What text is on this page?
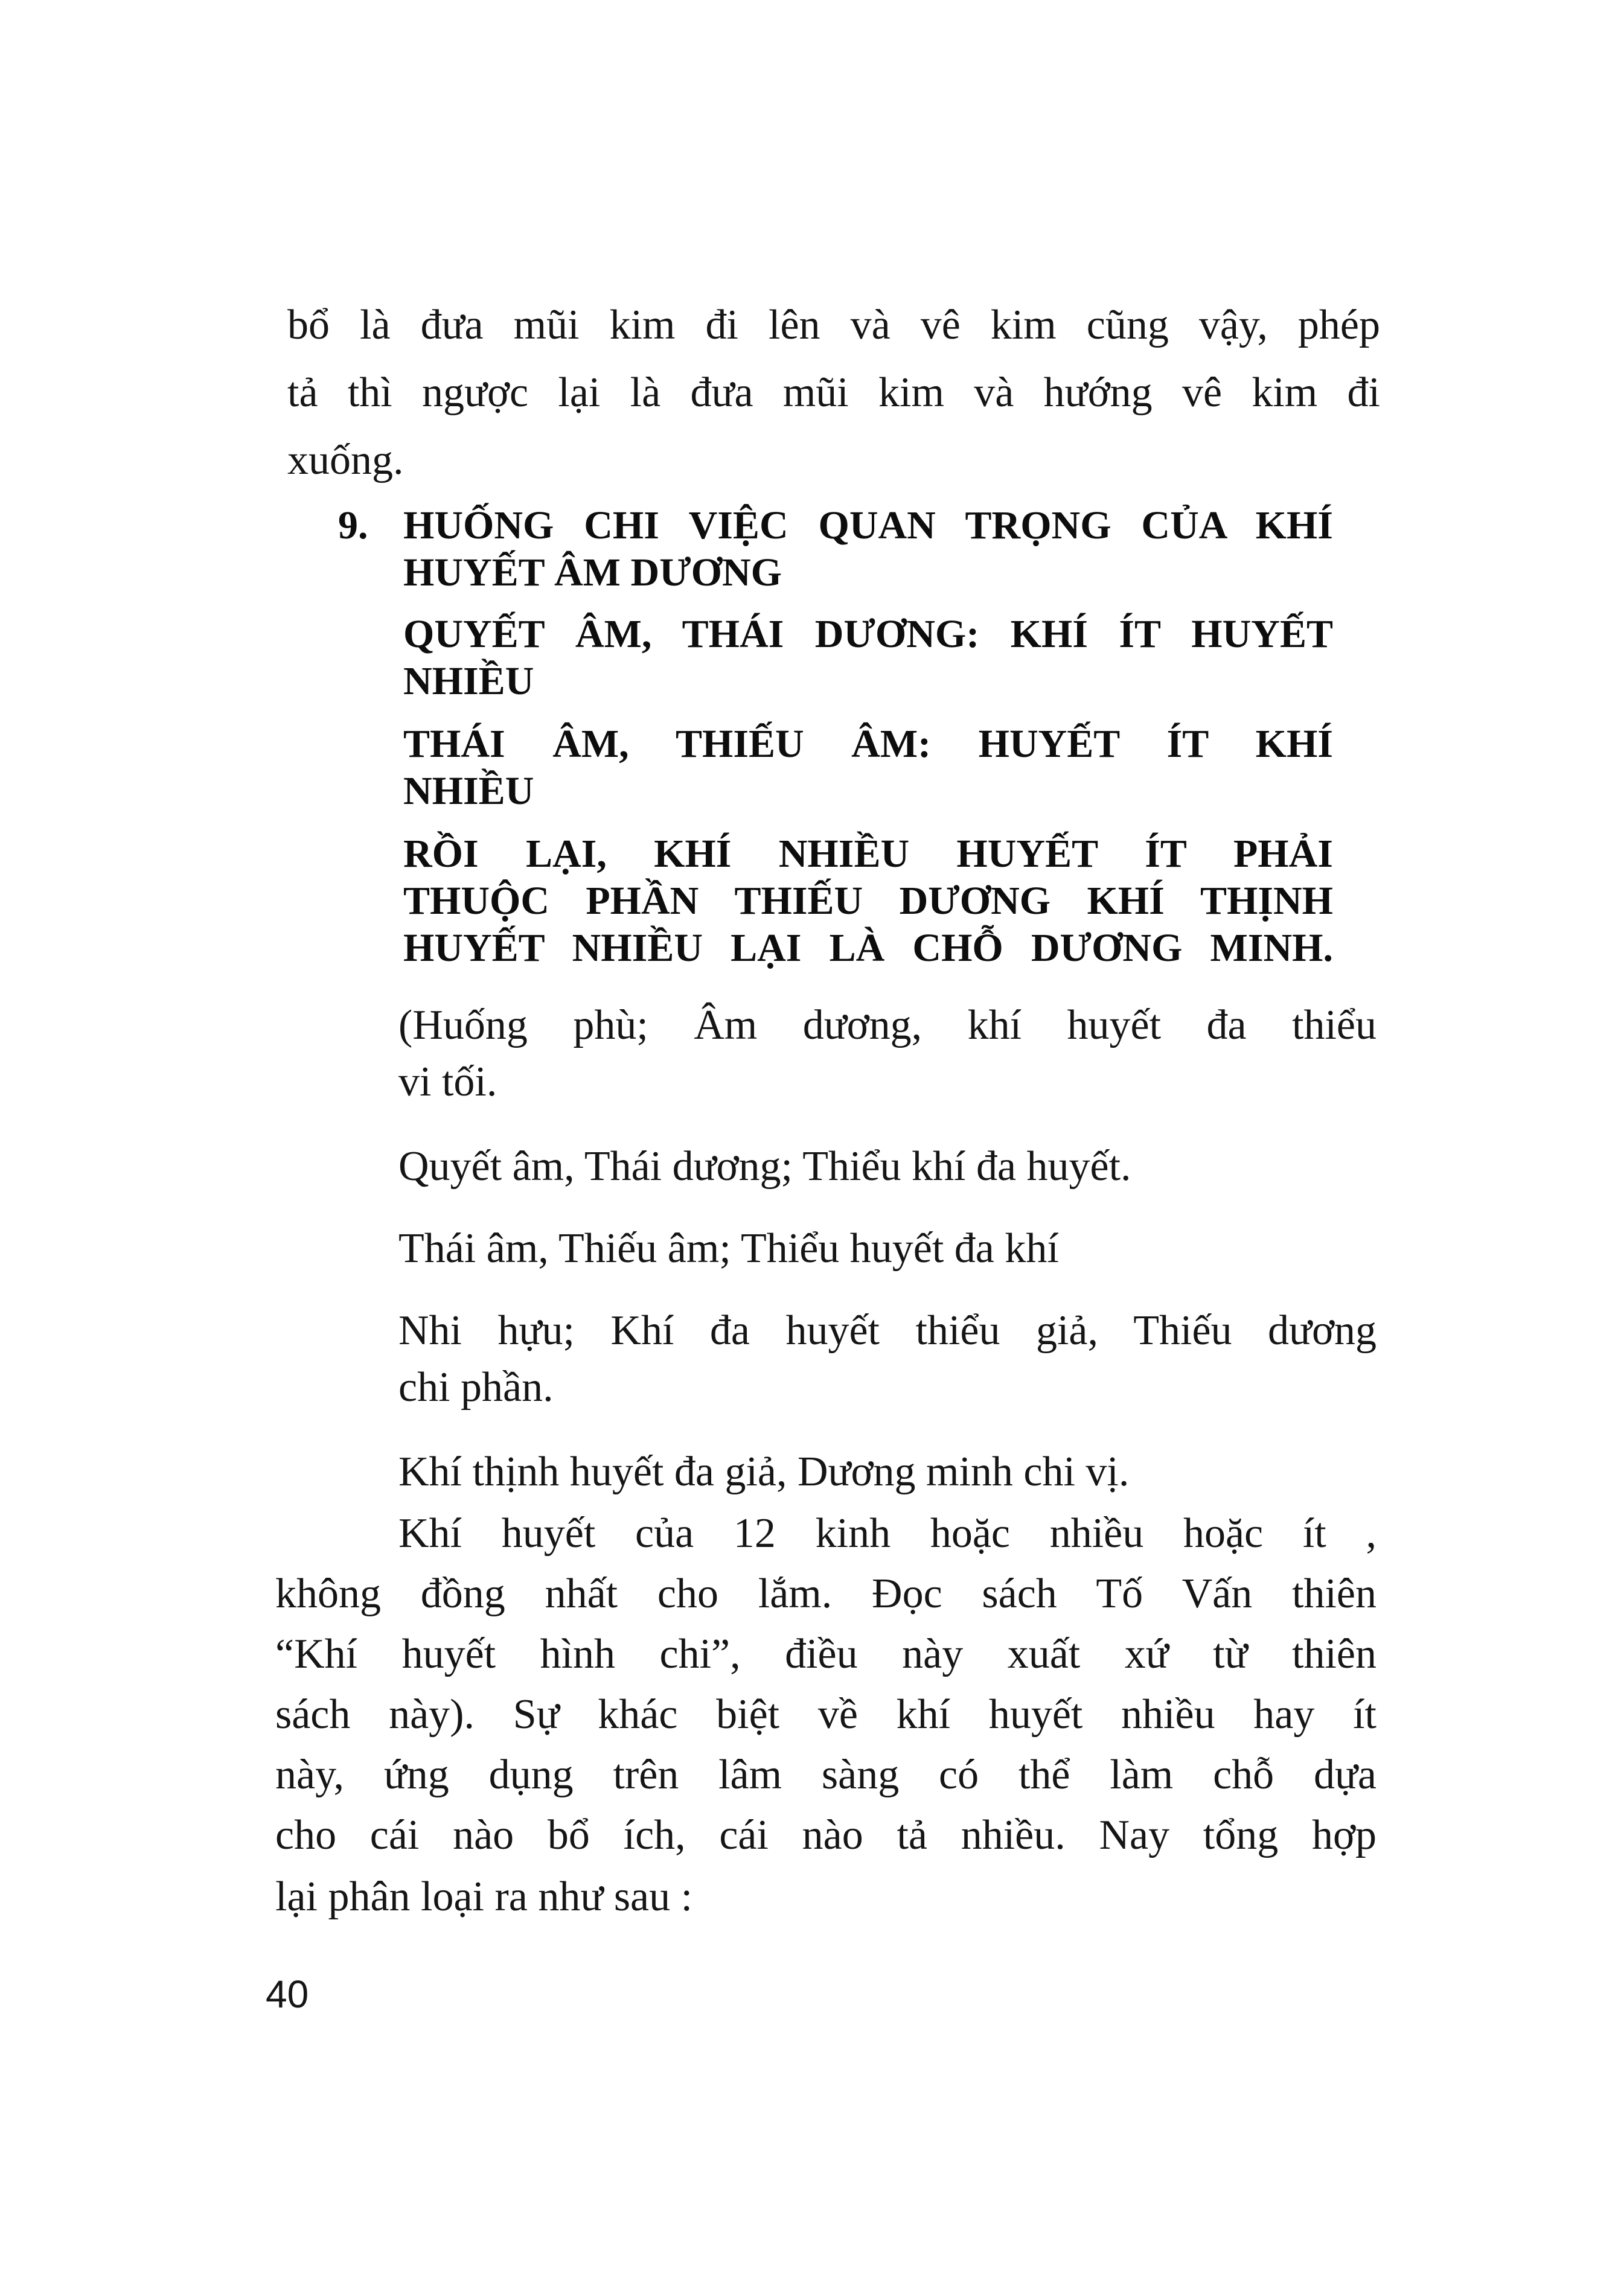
bổ là đưa mũi kim đi lên và vê kim cũng vậy, phép

tả thì ngược lại là đưa mũi kim và hướng vê kim đi

xuống.

9. HUỐNG CHI VIỆC QUAN TRỌNG CỦA KHÍ

HUYẾT ÂM DƯƠNG

QUYẾT ÂM, THÁI DƯƠNG: KHÍ ÍT HUYẾT

NHIỀU

THÁI ÂM, THIẾU ÂM: HUYẾT ÍT KHÍ

NHIỀU

RỒI LẠI, KHÍ NHIỀU HUYẾT ÍT PHẢI

THUỘC PHẦN THIẾU DƯƠNG KHÍ THỊNH

HUYẾT NHIỀU LẠI LÀ CHỖ DƯƠNG MINH.

(Huống phù; Âm dương, khí huyết đa thiểu

vi tối.

Quyết âm, Thái dương; Thiểu khí đa huyết.

Thái âm, Thiếu âm; Thiểu huyết đa khí

Nhi hựu; Khí đa huyết thiểu giả, Thiếu dương

chi phần.

Khí thịnh huyết đa giả, Dương minh chi vị.

Khí huyết của 12 kinh hoặc nhiều hoặc ít ,

không đồng nhất cho lắm. Đọc sách Tố Vấn thiên

“Khí huyết hình chi”, điều này xuất xứ từ thiên

sách này). Sự khác biệt về khí huyết nhiều hay ít

này, ứng dụng trên lâm sàng có thể làm chỗ dựa

cho cái nào bổ ích, cái nào tả nhiều. Nay tổng hợp

lại phân loại ra như sau :

40
